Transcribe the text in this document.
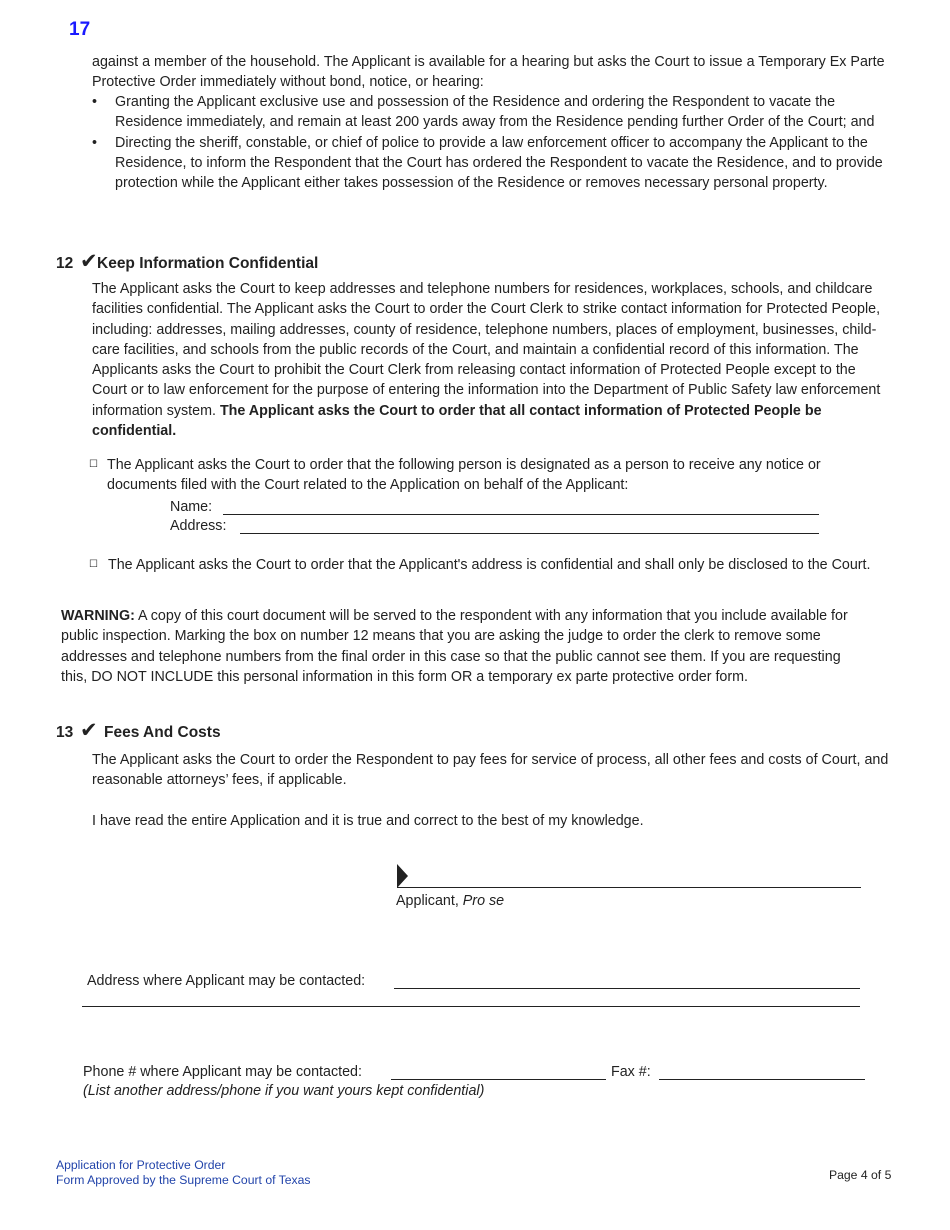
17
against a member of the household. The Applicant is available for a hearing but asks the Court to issue a Temporary Ex Parte Protective Order immediately without bond, notice, or hearing:
• Granting the Applicant exclusive use and possession of the Residence and ordering the Respondent to vacate the Residence immediately, and remain at least 200 yards away from the Residence pending further Order of the Court; and
• Directing the sheriff, constable, or chief of police to provide a law enforcement officer to accompany the Applicant to the Residence, to inform the Respondent that the Court has ordered the Respondent to vacate the Residence, and to provide protection while the Applicant either takes possession of the Residence or removes necessary personal property.
12 ✔Keep Information Confidential
The Applicant asks the Court to keep addresses and telephone numbers for residences, workplaces, schools, and childcare facilities confidential. The Applicant asks the Court to order the Court Clerk to strike contact information for Protected People, including: addresses, mailing addresses, county of residence, telephone numbers, places of employment, businesses, child-care facilities, and schools from the public records of the Court, and maintain a confidential record of this information. The Applicants asks the Court to prohibit the Court Clerk from releasing contact information of Protected People except to the Court or to law enforcement for the purpose of entering the information into the Department of Public Safety law enforcement information system. The Applicant asks the Court to order that all contact information of Protected People be confidential.
☐ The Applicant asks the Court to order that the following person is designated as a person to receive any notice or documents filed with the Court related to the Application on behalf of the Applicant:
Name:
Address:
☐ The Applicant asks the Court to order that the Applicant's address is confidential and shall only be disclosed to the Court.
WARNING: A copy of this court document will be served to the respondent with any information that you include available for public inspection. Marking the box on number 12 means that you are asking the judge to order the clerk to remove some addresses and telephone numbers from the final order in this case so that the public cannot see them. If you are requesting this, DO NOT INCLUDE this personal information in this form OR a temporary ex parte protective order form.
13 ✔ Fees And Costs
The Applicant asks the Court to order the Respondent to pay fees for service of process, all other fees and costs of Court, and reasonable attorneys’ fees, if applicable.
I have read the entire Application and it is true and correct to the best of my knowledge.
Applicant, Pro se
Address where Applicant may be contacted:
Phone # where Applicant may be contacted:	Fax #:
(List another address/phone if you want yours kept confidential)
Application for Protective Order
Form Approved by the Supreme Court of Texas	Page 4 of 5
